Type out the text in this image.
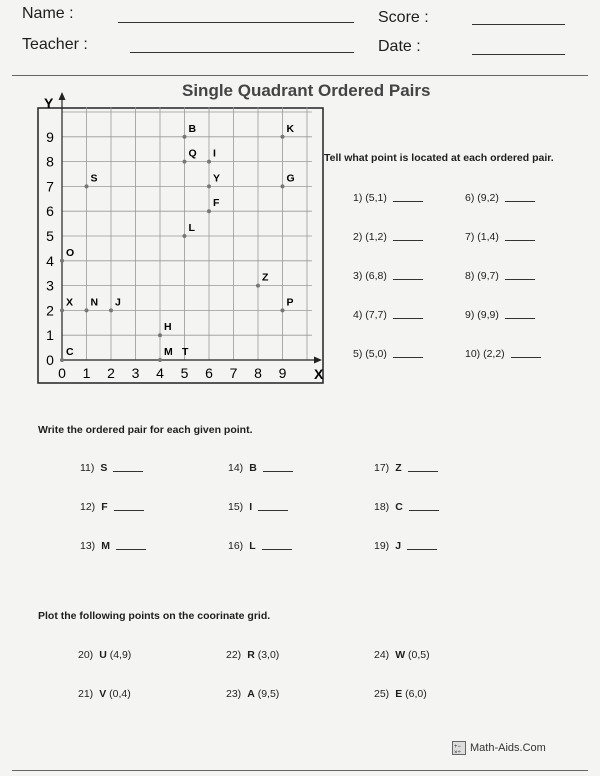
Name :	Score :
Teacher :	Date :
Single Quadrant Ordered Pairs
Y
X
0 1 2 3 4 5 6 7 8 9
0
1
2
3
4
5
6
7
8
9	B	K
Q I
S	Y	G
F
L
O
Z
X N J	P
H
C	M T
Tell what point is located at each ordered pair.
1) (5,1)
2) (1,2)
3) (6,8)
4) (7,7)
5) (5,0)
6) (9,2)
7) (1,4)
8) (9,7)
9) (9,9)
10) (2,2)
Write the ordered pair for each given point.
11) S
12) F
13) M
14) B
15) I
16) L
17) Z
18) C
19) J
Plot the following points on the coorinate grid.
20) U (4,9)
21) V (0,4)
22) R (3,0)
23) A (9,5)
24) W (0,5)
25) E (6,0)
+−
×÷ Math-Aids.Com
